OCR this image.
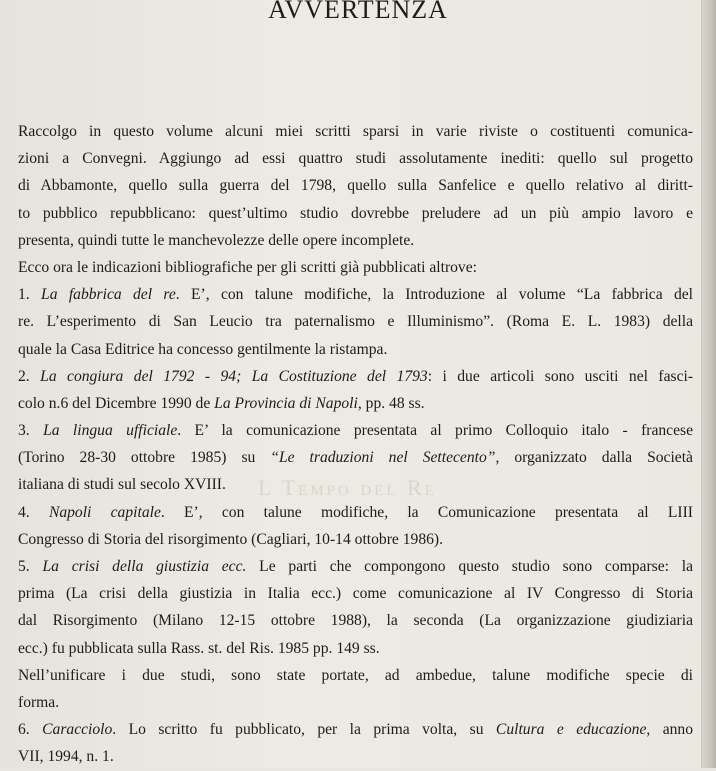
AVVERTENZA
L Tempo del Re
Raccolgo in questo volume alcuni miei scritti sparsi in varie riviste o costituenti comunica-
zioni a Convegni. Aggiungo ad essi quattro studi assolutamente inediti: quello sul progetto
di Abbamonte, quello sulla guerra del 1798, quello sulla Sanfelice e quello relativo al diritt-
to pubblico repubblicano: quest’ultimo studio dovrebbe preludere ad un più ampio lavoro e
presenta, quindi tutte le manchevolezze delle opere incomplete.
Ecco ora le indicazioni bibliografiche per gli scritti già pubblicati altrove:
1. La fabbrica del re. E’, con talune modifiche, la Introduzione al volume “La fabbrica del
re. L’esperimento di San Leucio tra paternalismo e Illuminismo”. (Roma E. L. 1983) della
quale la Casa Editrice ha concesso gentilmente la ristampa.
2. La congiura del 1792 - 94; La Costituzione del 1793: i due articoli sono usciti nel fasci-
colo n.6 del Dicembre 1990 de La Provincia di Napoli, pp. 48 ss.
3. La lingua ufficiale. E’ la comunicazione presentata al primo Colloquio italo - francese
(Torino 28-30 ottobre 1985) su “Le traduzioni nel Settecento”, organizzato dalla Società
italiana di studi sul secolo XVIII.
4. Napoli capitale. E’, con talune modifiche, la Comunicazione presentata al LIII
Congresso di Storia del risorgimento (Cagliari, 10-14 ottobre 1986).
5. La crisi della giustizia ecc. Le parti che compongono questo studio sono comparse: la
prima (La crisi della giustizia in Italia ecc.) come comunicazione al IV Congresso di Storia
dal Risorgimento (Milano 12-15 ottobre 1988), la seconda (La organizzazione giudiziaria
ecc.) fu pubblicata sulla Rass. st. del Ris. 1985 pp. 149 ss.
Nell’unificare i due studi, sono state portate, ad ambedue, talune modifiche specie di
forma.
6. Caracciolo. Lo scritto fu pubblicato, per la prima volta, su Cultura e educazione, anno
VII, 1994, n. 1.
